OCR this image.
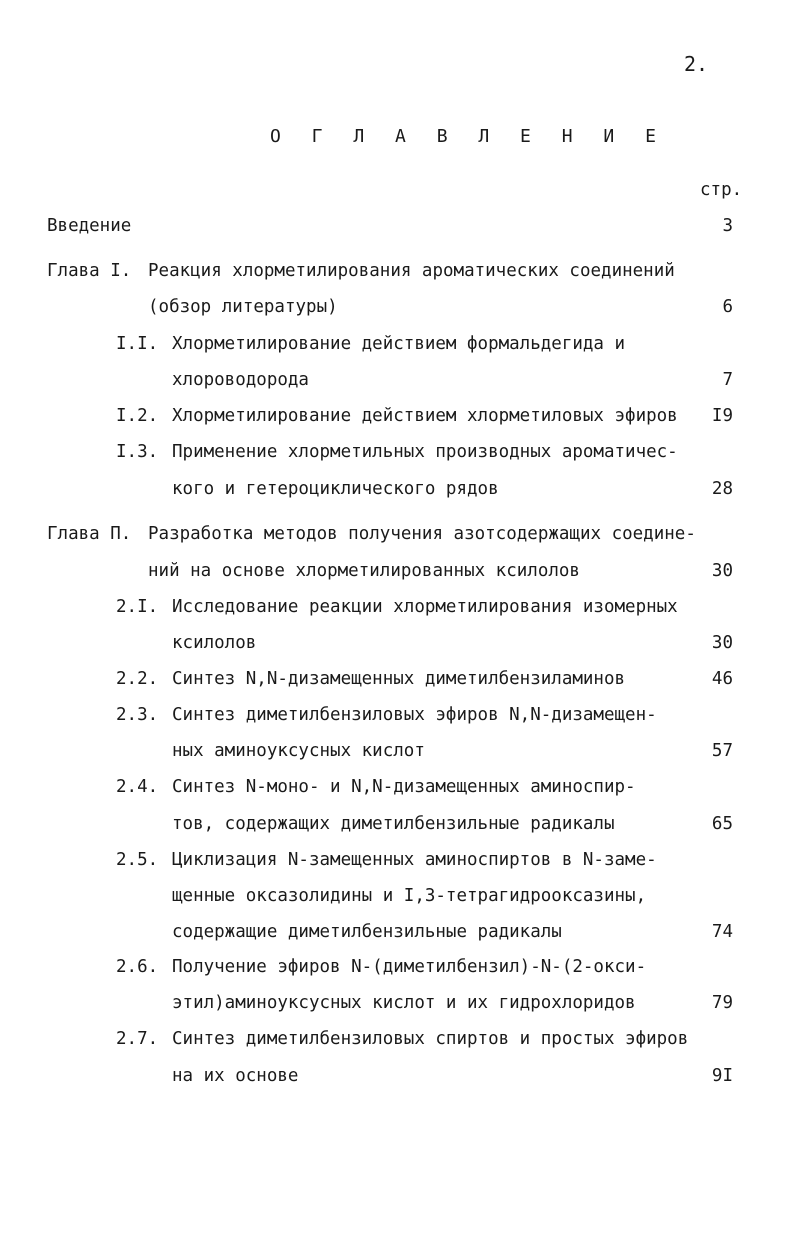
2.
О Г Л А В Л Е Н И Е
стр.
Введение	3
Глава I. Реакция хлорметилирования ароматических соединений
(обзор литературы)	6
I.I. Хлорметилирование действием формальдегида и
хлороводорода	7
I.2. Хлорметилирование действием хлорметиловых эфиров I9
I.3. Применение хлорметильных производных ароматичес-
кого и гетероциклического рядов	28
Глава П. Разработка методов получения азотсодержащих соедине-
ний на основе хлорметилированных ксилолов	30
2.I. Исследование реакции хлорметилирования изомерных
ксилолов	30
2.2. Синтез N,N-дизамещенных диметилбензиламинов	46
2.3. Синтез диметилбензиловых эфиров N,N-дизамещен-
ных аминоуксусных кислот	57
2.4. Синтез N-моно- и N,N-дизамещенных аминоспир-
тов, содержащих диметилбензильные радикалы	65
2.5. Циклизация N-замещенных аминоспиртов в N-заме-
щенные оксазолидины и I,3-тетрагидрооксазины,
содержащие диметилбензильные радикалы	74
2.6. Получение эфиров N-(диметилбензил)-N-(2-окси-
этил)аминоуксусных кислот и их гидрохлоридов	79
2.7. Синтез диметилбензиловых спиртов и простых эфиров
на их основе	9I
